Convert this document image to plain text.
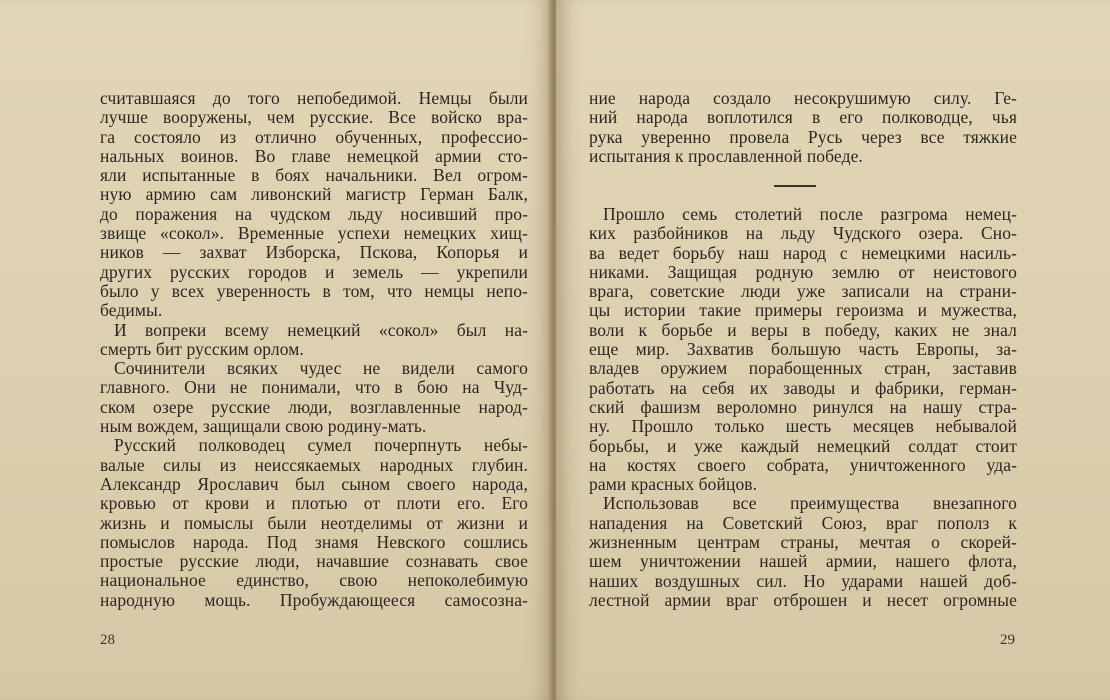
считавшаяся до того непобедимой. Немцы были
лучше вооружены, чем русские. Все войско вра-
га состояло из отлично обученных, профессио-
нальных воинов. Во главе немецкой армии сто-
яли испытанные в боях начальники. Вел огром-
ную армию сам ливонский магистр Герман Балк,
до поражения на чудском льду носивший про-
звище «сокол». Временные успехи немецких хищ-
ников — захват Изборска, Пскова, Копорья и
других русских городов и земель — укрепили
было у всех уверенность в том, что немцы непо-
бедимы.
И вопреки всему немецкий «сокол» был на-
смерть бит русским орлом.
Сочинители всяких чудес не видели самого
главного. Они не понимали, что в бою на Чуд-
ском озере русские люди, возглавленные народ-
ным вождем, защищали свою родину-мать.
Русский полководец сумел почерпнуть небы-
валые силы из неиссякаемых народных глубин.
Александр Ярославич был сыном своего народа,
кровью от крови и плотью от плоти его. Его
жизнь и помыслы были неотделимы от жизни и
помыслов народа. Под знамя Невского сошлись
простые русские люди, начавшие сознавать свое
национальное единство, свою непоколебимую
народную мощь. Пробуждающееся самосозна-
28
ние народа создало несокрушимую силу. Ге-
ний народа воплотился в его полководце, чья
рука уверенно провела Русь через все тяжкие
испытания к прославленной победе.
Прошло семь столетий после разгрома немец-
ких разбойников на льду Чудского озера. Сно-
ва ведет борьбу наш народ с немецкими насиль-
никами. Защищая родную землю от неистового
врага, советские люди уже записали на страни-
цы истории такие примеры героизма и мужества,
воли к борьбе и веры в победу, каких не знал
еще мир. Захватив большую часть Европы, за-
владев оружием порабощенных стран, заставив
работать на себя их заводы и фабрики, герман-
ский фашизм вероломно ринулся на нашу стра-
ну. Прошло только шесть месяцев небывалой
борьбы, и уже каждый немецкий солдат стоит
на костях своего собрата, уничтоженного уда-
рами красных бойцов.
Использовав все преимущества внезапного
нападения на Советский Союз, враг пополз к
жизненным центрам страны, мечтая о скорей-
шем уничтожении нашей армии, нашего флота,
наших воздушных сил. Но ударами нашей доб-
лестной армии враг отброшен и несет огромные
29
